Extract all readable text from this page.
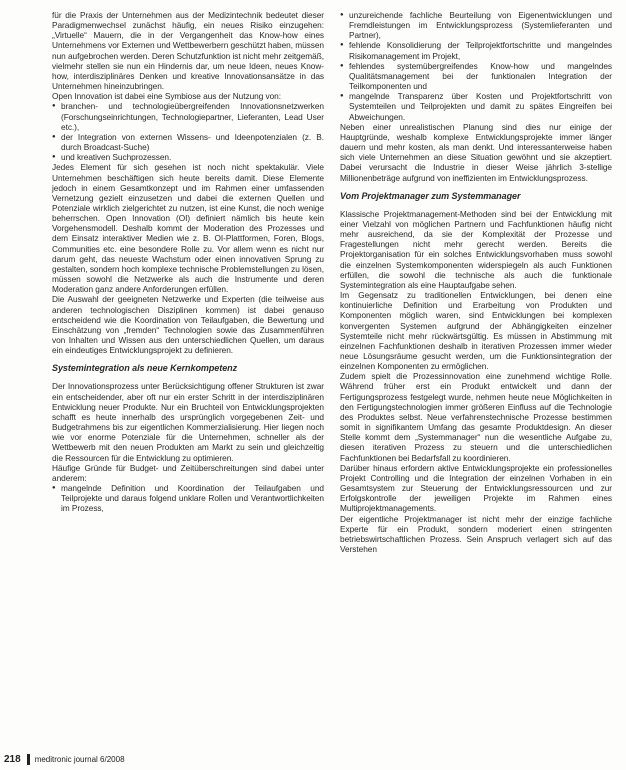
für die Praxis der Unternehmen aus der Medizintechnik bedeutet dieser Paradigmenwechsel zunächst häufig, ein neues Risiko einzugehen: „Virtuelle“ Mauern, die in der Vergangenheit das Know-how eines Unternehmens vor Externen und Wettbewerbern geschützt haben, müssen nun aufgebrochen werden. Deren Schutzfunktion ist nicht mehr zeitgemäß, vielmehr stellen sie nun ein Hindernis dar, um neue Ideen, neues Know-how, interdisziplinäres Denken und kreative Innovationsansätze in das Unternehmen hineinzubringen.

Open Innovation ist dabei eine Symbiose aus der Nutzung von:

● branchen- und technologieübergreifenden Innovationsnetzwerken (Forschungseinrichtungen, Technologiepartner, Lieferanten, Lead User etc.),
● der Integration von externen Wissens- und Ideenpotenzialen (z. B. durch Broadcast-Suche)
● und kreativen Suchprozessen.

Jedes Element für sich gesehen ist noch nicht spektakulär. Viele Unternehmen beschäftigen sich heute bereits damit. Diese Elemente jedoch in einem Gesamtkonzept und im Rahmen einer umfassenden Vernetzung gezielt einzusetzen und dabei die externen Quellen und Potenziale wirklich zielgerichtet zu nutzen, ist eine Kunst, die noch wenige beherrschen. Open Innovation (OI) definiert nämlich bis heute kein Vorgehensmodell. Deshalb kommt der Moderation des Prozesses und dem Einsatz interaktiver Medien wie z. B. OI-Plattformen, Foren, Blogs, Communities etc. eine besondere Rolle zu. Vor allem wenn es nicht nur darum geht, das neueste Wachstum oder einen innovativen Sprung zu gestalten, sondern hoch komplexe technische Problemstellungen zu lösen, müssen sowohl die Netzwerke als auch die Instrumente und deren Moderation ganz andere Anforderungen erfüllen.

Die Auswahl der geeigneten Netzwerke und Experten (die teilweise aus anderen technologischen Disziplinen kommen) ist dabei genauso entscheidend wie die Koordination von Teilaufgaben, die Bewertung und Einschätzung von „fremden“ Technologien sowie das Zusammenführen von Inhalten und Wissen aus den unterschiedlichen Quellen, um daraus ein eindeutiges Entwicklungsprojekt zu definieren.

Systemintegration als neue Kernkompetenz

Der Innovationsprozess unter Berücksichtigung offener Strukturen ist zwar ein entscheidender, aber oft nur ein erster Schritt in der interdisziplinären Entwicklung neuer Produkte. Nur ein Bruchteil von Entwicklungsprojekten schafft es heute innerhalb des ursprünglich vorgegebenen Zeit- und Budgetrahmens bis zur eigentlichen Kommerzialisierung. Hier liegen noch wie vor enorme Potenziale für die Unternehmen, schneller als der Wettbewerb mit den neuen Produkten am Markt zu sein und gleichzeitig die Ressourcen für die Entwicklung zu optimieren.

Häufige Gründe für Budget- und Zeitüberschreitungen sind dabei unter anderem:

● mangelnde Definition und Koordination der Teilaufgaben und Teilprojekte und daraus folgend unklare Rollen und Verantwortlichkeiten im Prozess,
● unzureichende fachliche Beurteilung von Eigenentwicklungen und Fremdleistungen im Entwicklungsprozess (Systemlieferanten und Partner),
● fehlende Konsolidierung der Teilprojektfortschritte und mangelndes Risikomanagement im Projekt,
● fehlendes systemübergreifendes Know-how und mangelndes Qualitätsmanagement bei der funktionalen Integration der Teilkomponenten und
● mangelnde Transparenz über Kosten und Projektfortschritt von Systemteilen und Teilprojekten und damit zu spätes Eingreifen bei Abweichungen.

Neben einer unrealistischen Planung sind dies nur einige der Hauptgründe, weshalb komplexe Entwicklungsprojekte immer länger dauern und mehr kosten, als man denkt. Und interessanterweise haben sich viele Unternehmen an diese Situation gewöhnt und sie akzeptiert. Dabei verursacht die Industrie in dieser Weise jährlich 3-stellige Millionenbeträge aufgrund von ineffizienten im Entwicklungsprozess.

Vom Projektmanager zum Systemmanager

Klassische Projektmanagement-Methoden sind bei der Entwicklung mit einer Vielzahl von möglichen Partnern und Fachfunktionen häufig nicht mehr ausreichend, da sie der Komplexität der Prozesse und Fragestellungen nicht mehr gerecht werden. Bereits die Projektorganisation für ein solches Entwicklungsvorhaben muss sowohl die einzelnen Systemkomponenten widerspiegeln als auch Funktionen erfüllen, die sowohl die technische als auch die funktionale Systemintegration als eine Hauptaufgabe sehen.

Im Gegensatz zu traditionellen Entwicklungen, bei denen eine kontinuierliche Definition und Erarbeitung von Produkten und Komponenten möglich waren, sind Entwicklungen bei komplexen konvergenten Systemen aufgrund der Abhängigkeiten einzelner Systemteile nicht mehr rückwärtsgültig. Es müssen in Abstimmung mit einzelnen Fachfunktionen deshalb in iterativen Prozessen immer wieder neue Lösungsräume gesucht werden, um die Funktionsintegration der einzelnen Komponenten zu ermöglichen.

Zudem spielt die Prozessinnovation eine zunehmend wichtige Rolle. Während früher erst ein Produkt entwickelt und dann der Fertigungsprozess festgelegt wurde, nehmen heute neue Möglichkeiten in den Fertigungstechnologien immer größeren Einfluss auf die Technologie des Produktes selbst. Neue verfahrenstechnische Prozesse bestimmen somit in signifikantem Umfang das gesamte Produktdesign. An dieser Stelle kommt dem „Systemmanager“ nun die wesentliche Aufgabe zu, diesen iterativen Prozess zu steuern und die unterschiedlichen Fachfunktionen bei Bedarfsfall zu koordinieren.

Darüber hinaus erfordern aktive Entwicklungsprojekte ein professionelles Projekt Controlling und die Integration der einzelnen Vorhaben in ein Gesamtsystem zur Steuerung der Entwicklungsressourcen und zur Erfolgskontrolle der jeweiligen Projekte im Rahmen eines Multiprojektmanagements.

Der eigentliche Projektmanager ist nicht mehr der einzige fachliche Experte für ein Produkt, sondern moderiert einen stringenten betriebswirtschaftlichen Prozess. Sein Anspruch verlagert sich auf das Verstehen

218 meditronic journal 6/2008
